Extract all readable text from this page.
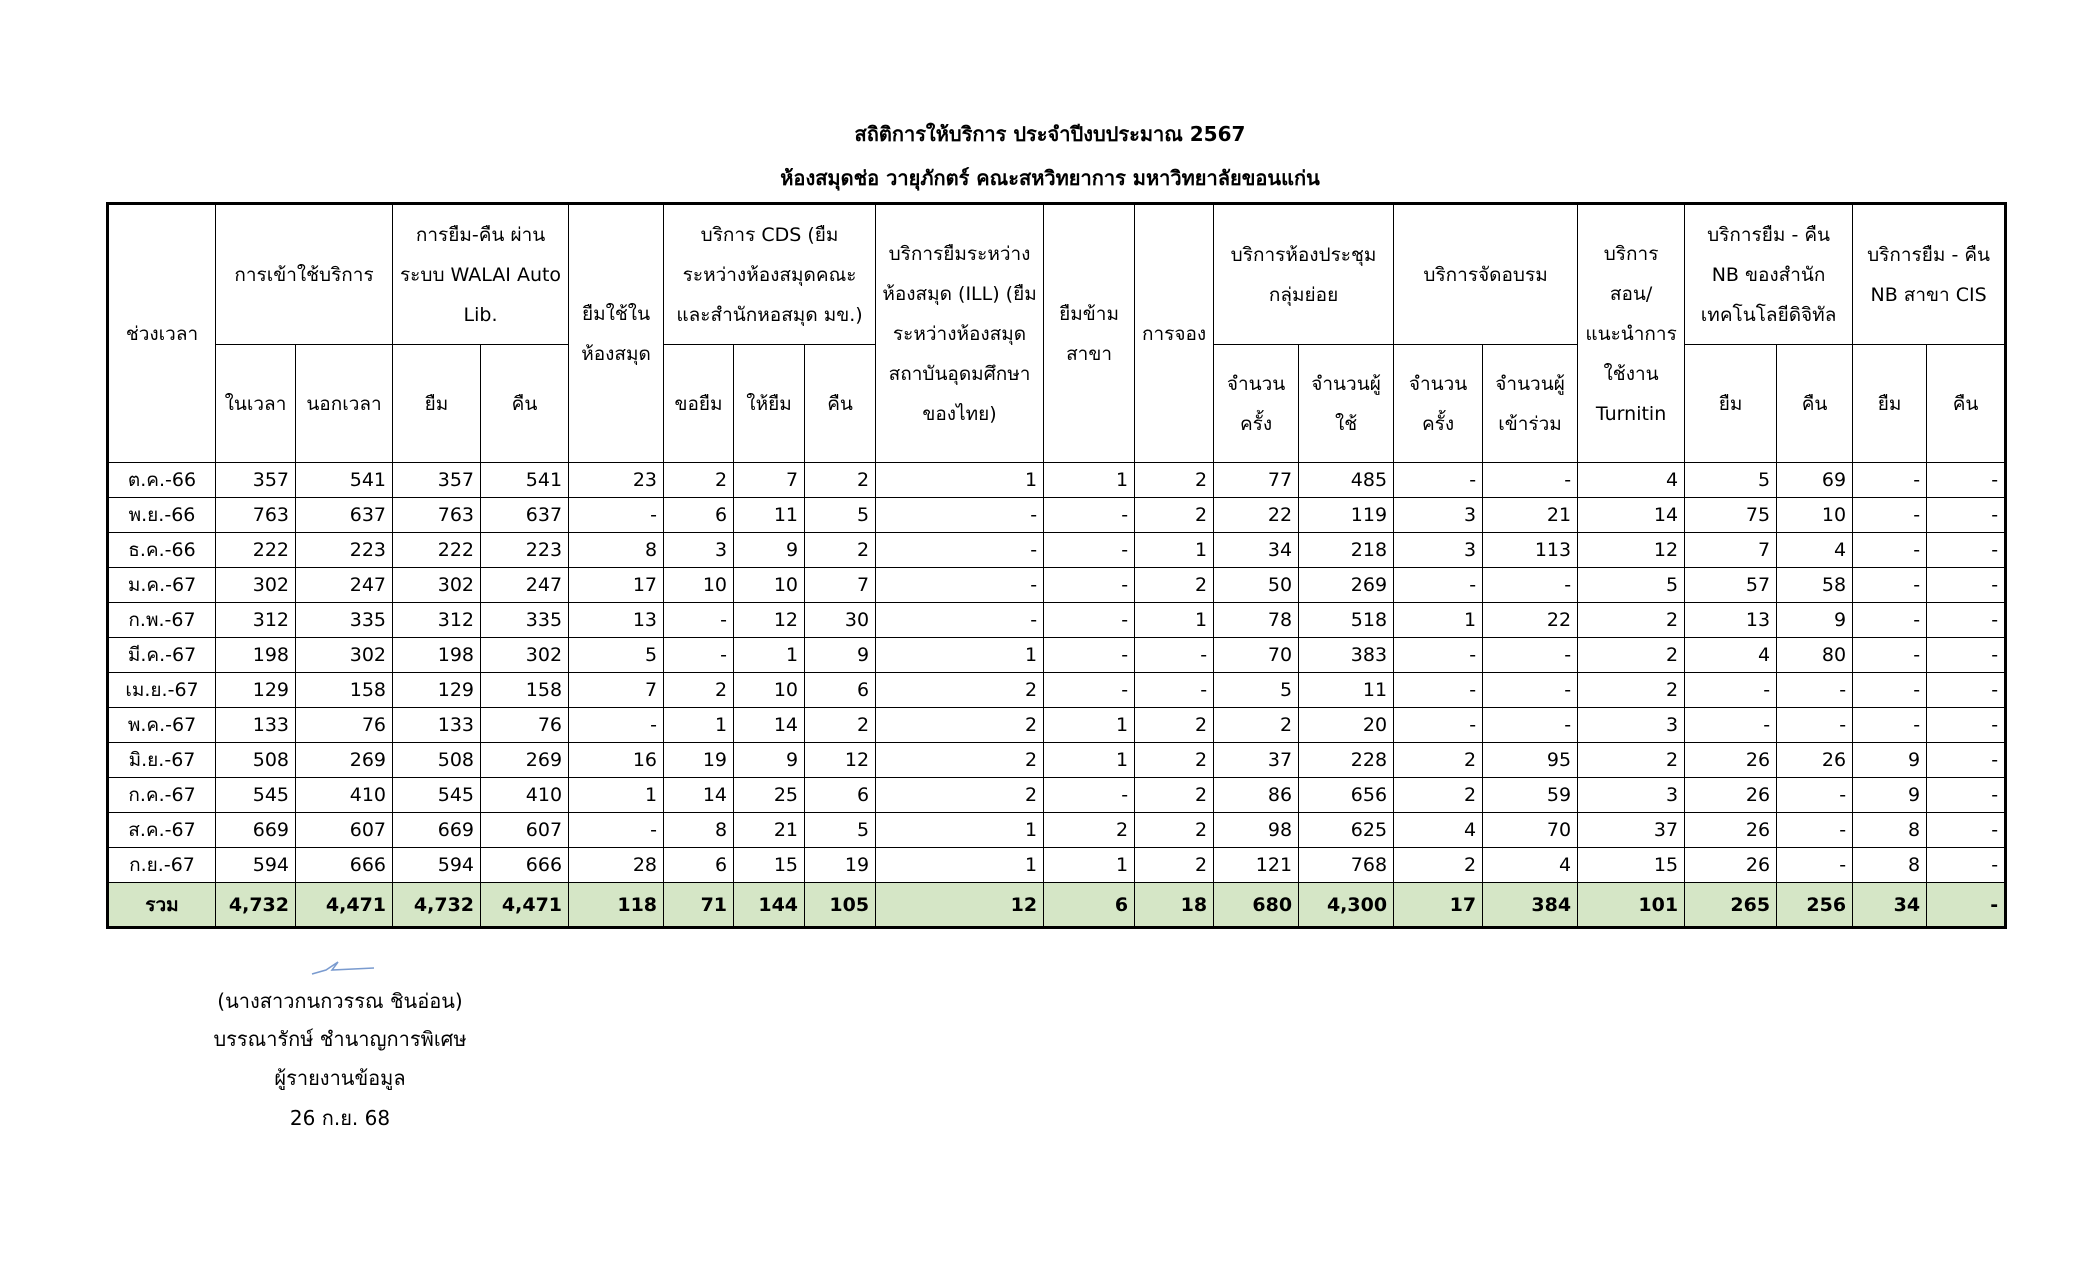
สถิติการให้บริการ ประจำปีงบประมาณ 2567
ห้องสมุดช่อ วายุภักตร์ คณะสหวิทยาการ มหาวิทยาลัยขอนแก่น
ช่วงเวลา	การเข้าใช้บริการ		การยืม-คืน ผ่านระบบ WALAI Auto Lib.		ยืมใช้ในห้องสมุด	บริการ CDS (ยืมระหว่างห้องสมุดคณะ และสำนักหอสมุด มข.)			บริการยืมระหว่างห้องสมุด (ILL) (ยืมระหว่างห้องสมุดสถาบันอุดมศึกษาของไทย)	ยืมข้ามสาขา	การจอง	บริการห้องประชุมกลุ่มย่อย		บริการจัดอบรม		บริการสอน/แนะนำการใช้งาน Turnitin	บริการยืม - คืน NB ของสำนักเทคโนโลยีดิจิทัล		บริการยืม - คืน NB สาขา CIS	
	ในเวลา	นอกเวลา	ยืม	คืน		ขอยืม	ให้ยืม	คืน				จำนวนครั้ง	จำนวนผู้ใช้	จำนวนครั้ง	จำนวนผู้เข้าร่วม		ยืม	คืน	ยืม	คืน
ต.ค.-66	357	541	357	541	23	2	7	2	1	1	2	77	485	-	-	4	5	69	-	-
พ.ย.-66	763	637	763	637	-	6	11	5	-	-	2	22	119	3	21	14	75	10	-	-
ธ.ค.-66	222	223	222	223	8	3	9	2	-	-	1	34	218	3	113	12	7	4	-	-
ม.ค.-67	302	247	302	247	17	10	10	7	-	-	2	50	269	-	-	5	57	58	-	-
ก.พ.-67	312	335	312	335	13	-	12	30	-	-	1	78	518	1	22	2	13	9	-	-
มี.ค.-67	198	302	198	302	5	-	1	9	1	-	-	70	383	-	-	2	4	80	-	-
เม.ย.-67	129	158	129	158	7	2	10	6	2	-	-	5	11	-	-	2	-	-	-	-
พ.ค.-67	133	76	133	76	-	1	14	2	2	1	2	2	20	-	-	3	-	-	-	-
มิ.ย.-67	508	269	508	269	16	19	9	12	2	1	2	37	228	2	95	2	26	26	9	-
ก.ค.-67	545	410	545	410	1	14	25	6	2	-	2	86	656	2	59	3	26	-	9	-
ส.ค.-67	669	607	669	607	-	8	21	5	1	2	2	98	625	4	70	37	26	-	8	-
ก.ย.-67	594	666	594	666	28	6	15	19	1	1	2	121	768	2	4	15	26	-	8	-
รวม	4,732	4,471	4,732	4,471	118	71	144	105	12	6	18	680	4,300	17	384	101	265	256	34	-
(นางสาวกนกวรรณ ชินอ่อน)
บรรณารักษ์ ชำนาญการพิเศษ
ผู้รายงานข้อมูล
26 ก.ย. 68
